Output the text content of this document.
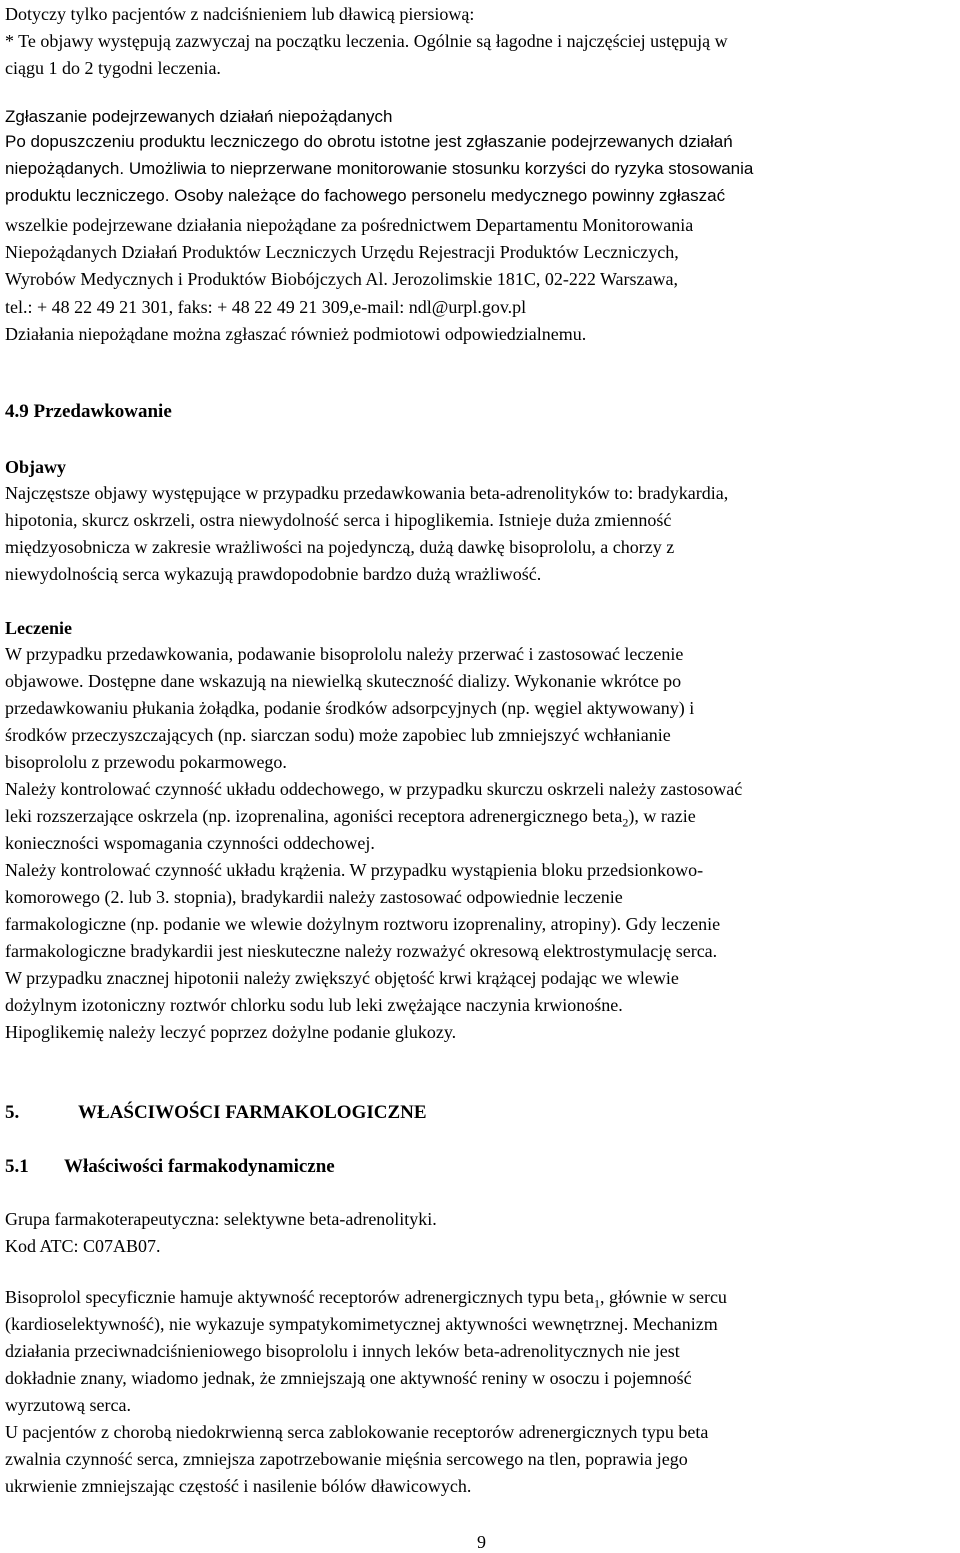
Dotyczy tylko pacjentów z nadciśnieniem lub dławicą piersiową:
* Te objawy występują zazwyczaj na początku leczenia. Ogólnie są łagodne i najczęściej ustępują w
ciągu 1 do 2 tygodni leczenia.
Zgłaszanie podejrzewanych działań niepożądanych
Po dopuszczeniu produktu leczniczego do obrotu istotne jest zgłaszanie podejrzewanych działań
niepożądanych. Umożliwia to nieprzerwane monitorowanie stosunku korzyści do ryzyka stosowania
produktu leczniczego. Osoby należące do fachowego personelu medycznego powinny zgłaszać
wszelkie podejrzewane działania niepożądane za pośrednictwem Departamentu Monitorowania
Niepożądanych Działań Produktów Leczniczych Urzędu Rejestracji Produktów Leczniczych,
Wyrobów Medycznych i Produktów Biobójczych Al. Jerozolimskie 181C, 02-222 Warszawa,
tel.: + 48 22 49 21 301, faks: + 48 22 49 21 309,e-mail: ndl@urpl.gov.pl
Działania niepożądane można zgłaszać również podmiotowi odpowiedzialnemu.
4.9 Przedawkowanie
Objawy
Najczęstsze objawy występujące w przypadku przedawkowania beta-adrenolityków to: bradykardia,
hipotonia, skurcz oskrzeli, ostra niewydolność serca i hipoglikemia. Istnieje duża zmienność
międzyosobnicza w zakresie wrażliwości na pojedynczą, dużą dawkę bisoprololu, a chorzy z
niewydolnością serca wykazują prawdopodobnie bardzo dużą wrażliwość.
Leczenie
W przypadku przedawkowania, podawanie bisoprololu należy przerwać i zastosować leczenie
objawowe. Dostępne dane wskazują na niewielką skuteczność dializy. Wykonanie wkrótce po
przedawkowaniu płukania żołądka, podanie środków adsorpcyjnych (np. węgiel aktywowany) i
środków przeczyszczających (np. siarczan sodu) może zapobiec lub zmniejszyć wchłanianie
bisoprololu z przewodu pokarmowego.
Należy kontrolować czynność układu oddechowego, w przypadku skurczu oskrzeli należy zastosować
leki rozszerzające oskrzela (np. izoprenalina, agoniści receptora adrenergicznego beta$_2$), w razie
konieczności wspomagania czynności oddechowej.
Należy kontrolować czynność układu krążenia. W przypadku wystąpienia bloku przedsionkowo-
komorowego (2. lub 3. stopnia), bradykardii należy zastosować odpowiednie leczenie
farmakologiczne (np. podanie we wlewie dożylnym roztworu izoprenaliny, atropiny). Gdy leczenie
farmakologiczne bradykardii jest nieskuteczne należy rozważyć okresową elektrostymulację serca.
W przypadku znacznej hipotonii należy zwiększyć objętość krwi krążącej podając we wlewie
dożylnym izotoniczny roztwór chlorku sodu lub leki zwężające naczynia krwionośne.
Hipoglikemię należy leczyć poprzez dożylne podanie glukozy.
5.	WŁAŚCIWOŚCI FARMAKOLOGICZNE
5.1 Właściwości farmakodynamiczne
Grupa farmakoterapeutyczna: selektywne beta-adrenolityki.
Kod ATC: C07AB07.
Bisoprolol specyficznie hamuje aktywność receptorów adrenergicznych typu beta$_1$, głównie w sercu
(kardioselektywność), nie wykazuje sympatykomimetycznej aktywności wewnętrznej. Mechanizm
działania przeciwnadciśnieniowego bisoprololu i innych leków beta-adrenolitycznych nie jest
dokładnie znany, wiadomo jednak, że zmniejszają one aktywność reniny w osoczu i pojemność
wyrzutową serca.
U pacjentów z chorobą niedokrwienną serca zablokowanie receptorów adrenergicznych typu beta
zwalnia czynność serca, zmniejsza zapotrzebowanie mięśnia sercowego na tlen, poprawia jego
ukrwienie zmniejszając częstość i nasilenie bólów dławicowych.
9
